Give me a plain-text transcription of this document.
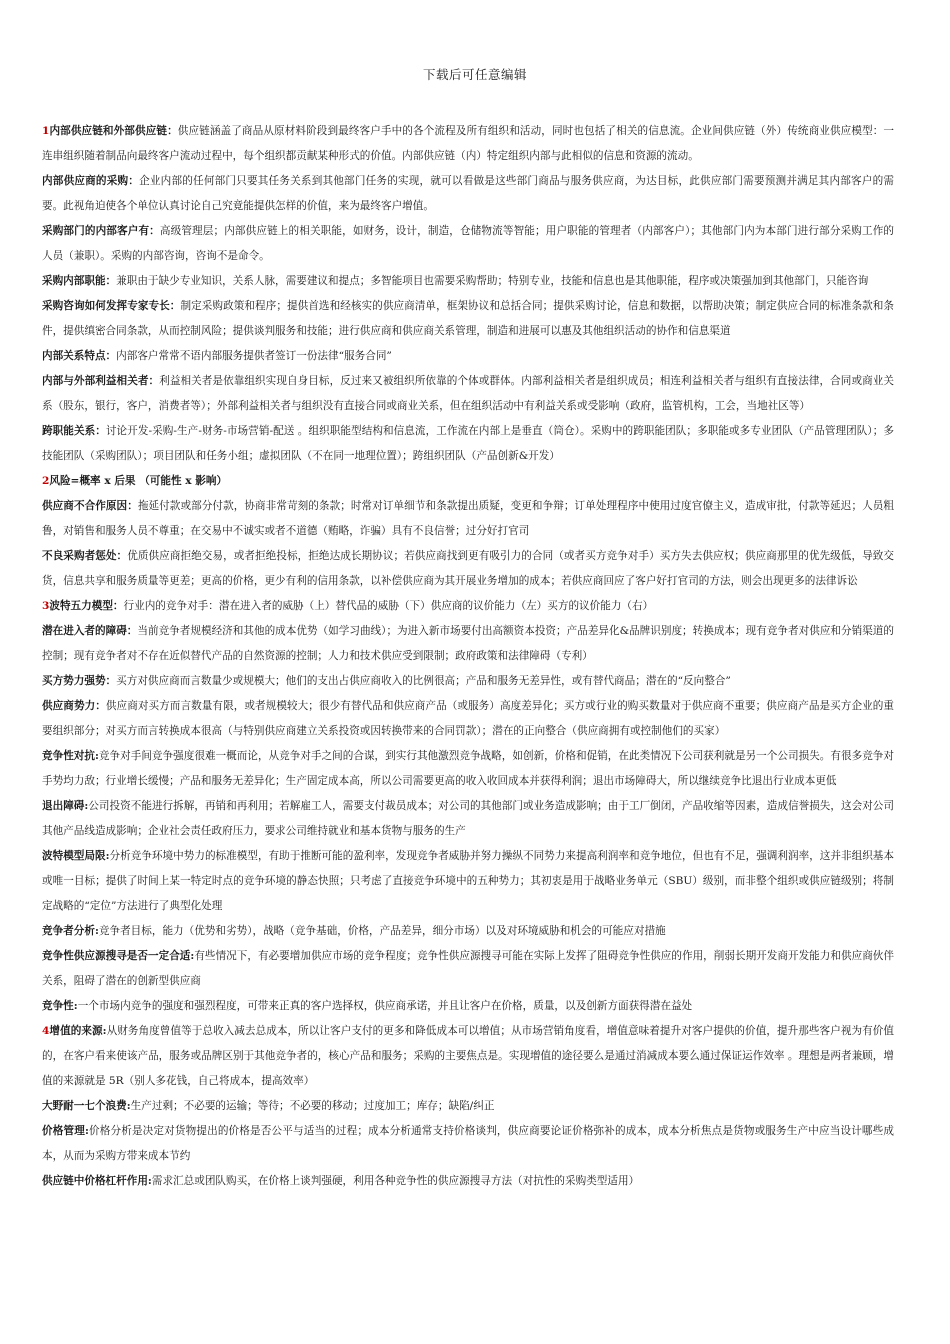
下载后可任意编辑

1内部供应链和外部供应链：供应链涵盖了商品从原材料阶段到最终客户手中的各个流程及所有组织和活动，同时也包括了相关的信息流。企业间供应链（外）传统商业供应模型：一连串组织随着制品向最终客户流动过程中，每个组织都贡献某种形式的价值。内部供应链（内）特定组织内部与此相似的信息和资源的流动。

内部供应商的采购：企业内部的任何部门只要其任务关系到其他部门任务的实现，就可以看做是这些部门商品与服务供应商，为达目标，此供应部门需要预测并满足其内部客户的需要。此视角迫使各个单位认真讨论自己究竟能提供怎样的价值，来为最终客户增值。

采购部门的内部客户有：高级管理层；内部供应链上的相关职能，如财务，设计，制造，仓储物流等智能；用户职能的管理者（内部客户）；其他部门内为本部门进行部分采购工作的人员（兼职）。采购的内部咨询，咨询不是命令。

采购内部职能：兼职由于缺少专业知识，关系人脉，需要建议和提点；多智能项目也需要采购帮助；特别专业，技能和信息也是其他职能，程序或决策强加到其他部门，只能咨询

采购咨询如何发挥专家专长：制定采购政策和程序；提供首选和经核实的供应商清单，框架协议和总括合同；提供采购讨论，信息和数据，以帮助决策；制定供应合同的标准条款和条件，提供缜密合同条款，从而控制风险；提供谈判服务和技能；进行供应商和供应商关系管理，制造和进展可以惠及其他组织活动的协作和信息渠道

内部关系特点：内部客户常常不语内部服务提供者签订一份法律“服务合同”

内部与外部利益相关者：利益相关者是依靠组织实现自身目标，反过来又被组织所依靠的个体或群体。内部利益相关者是组织成员；相连利益相关者与组织有直接法律，合同或商业关系（股东，银行，客户，消费者等）；外部利益相关者与组织没有直接合同或商业关系，但在组织活动中有利益关系或受影响（政府，监管机构，工会，当地社区等）

跨职能关系：讨论开发-采购-生产-财务-市场营销-配送 。组织职能型结构和信息流，工作流在内部上是垂直（筒仓）。采购中的跨职能团队；多职能或多专业团队（产品管理团队）；多技能团队（采购团队）；项目团队和任务小组；虚拟团队（不在同一地理位置）；跨组织团队（产品创新&开发）

2风险=概率 x 后果 （可能性 x 影响）

供应商不合作原因：拖延付款或部分付款，协商非常苛刻的条款；时常对订单细节和条款提出质疑，变更和争辩；订单处理程序中使用过度官僚主义，造成审批，付款等延迟；人员粗鲁，对销售和服务人员不尊重；在交易中不诚实或者不道德（贿略，诈骗）具有不良信誉；过分好打官司

不良采购者惩处：优质供应商拒绝交易，或者拒绝投标，拒绝达成长期协议；若供应商找到更有吸引力的合同（或者买方竞争对手）买方失去供应权；供应商那里的优先级低，导致交货，信息共享和服务质量等更差；更高的价格，更少有利的信用条款，以补偿供应商为其开展业务增加的成本；若供应商回应了客户好打官司的方法，则会出现更多的法律诉讼

3波特五力模型：行业内的竞争对手：潜在进入者的威胁（上）替代品的威胁（下）供应商的议价能力（左）买方的议价能力（右）

潜在进入者的障碍：当前竞争者规模经济和其他的成本优势（如学习曲线）；为进入新市场要付出高额资本投资；产品差异化&品牌识别度；转换成本；现有竞争者对供应和分销渠道的控制；现有竞争者对不存在近似替代产品的自然资源的控制；人力和技术供应受到限制；政府政策和法律障碍（专利）

买方势力强势：买方对供应商而言数量少或规模大；他们的支出占供应商收入的比例很高；产品和服务无差异性，或有替代商品；潜在的“反向整合”

供应商势力：供应商对买方而言数量有限，或者规模较大；很少有替代品和供应商产品（或服务）高度差异化；买方或行业的购买数量对于供应商不重要；供应商产品是买方企业的重要组织部分；对买方而言转换成本很高（与特别供应商建立关系投资或因转换带来的合同罚款）；潜在的正向整合（供应商拥有或控制他们的买家）

竞争性对抗:竞争对手间竞争强度很难一概而论，从竞争对手之间的合谋，到实行其他激烈竞争战略，如创新，价格和促销，在此类情况下公司获利就是另一个公司损失。有很多竞争对手势均力敌；行业增长缓慢；产品和服务无差异化；生产固定成本高，所以公司需要更高的收入收回成本并获得利润；退出市场障碍大，所以继续竞争比退出行业成本更低

退出障碍:公司投资不能进行拆解，再销和再利用；若解雇工人，需要支付裁员成本；对公司的其他部门或业务造成影响；由于工厂倒闭，产品收缩等因素，造成信誉损失，这会对公司其他产品线造成影响；企业社会责任政府压力，要求公司维持就业和基本货物与服务的生产

波特模型局限:分析竞争环境中势力的标准模型，有助于推断可能的盈利率，发现竞争者威胁并努力操纵不同势力来提高利润率和竞争地位，但也有不足，强调利润率，这并非组织基本或唯一目标；提供了时间上某一特定时点的竞争环境的静态快照；只考虑了直接竞争环境中的五种势力；其初衷是用于战略业务单元（SBU）级别，而非整个组织或供应链级别；将制定战略的“定位”方法进行了典型化处理

竞争者分析:竞争者目标，能力（优势和劣势），战略（竞争基础，价格，产品差异，细分市场）以及对环境威胁和机会的可能应对措施

竞争性供应源搜寻是否一定合适:有些情况下，有必要增加供应市场的竞争程度；竞争性供应源搜寻可能在实际上发挥了阻碍竞争性供应的作用，削弱长期开发商开发能力和供应商伙伴关系，阻碍了潜在的创新型供应商

竞争性:一个市场内竞争的强度和强烈程度，可带来正真的客户选择权，供应商承诺，并且让客户在价格，质量，以及创新方面获得潜在益处

4增值的来源:从财务角度曾值等于总收入减去总成本，所以让客户支付的更多和降低成本可以增值；从市场营销角度看，增值意味着提升对客户提供的价值，提升那些客户视为有价值的，在客户看来使该产品，服务或品牌区别于其他竞争者的，核心产品和服务；采购的主要焦点是。实现增值的途径要么是通过消减成本要么通过保证运作效率 。理想是两者兼顾，增值的来源就是 5R（别人多花钱，自己将成本，提高效率）

大野耐一七个浪费:生产过剩；不必要的运输；等待；不必要的移动；过度加工；库存；缺陷/纠正

价格管理:价格分析是决定对货物提出的价格是否公平与适当的过程；成本分析通常支持价格谈判，供应商要论证价格弥补的成本，成本分析焦点是货物或服务生产中应当设计哪些成本，从而为采购方带来成本节约

供应链中价格杠杆作用:需求汇总或团队购买，在价格上谈判强硬，利用各种竞争性的供应源搜寻方法（对抗性的采购类型适用）
